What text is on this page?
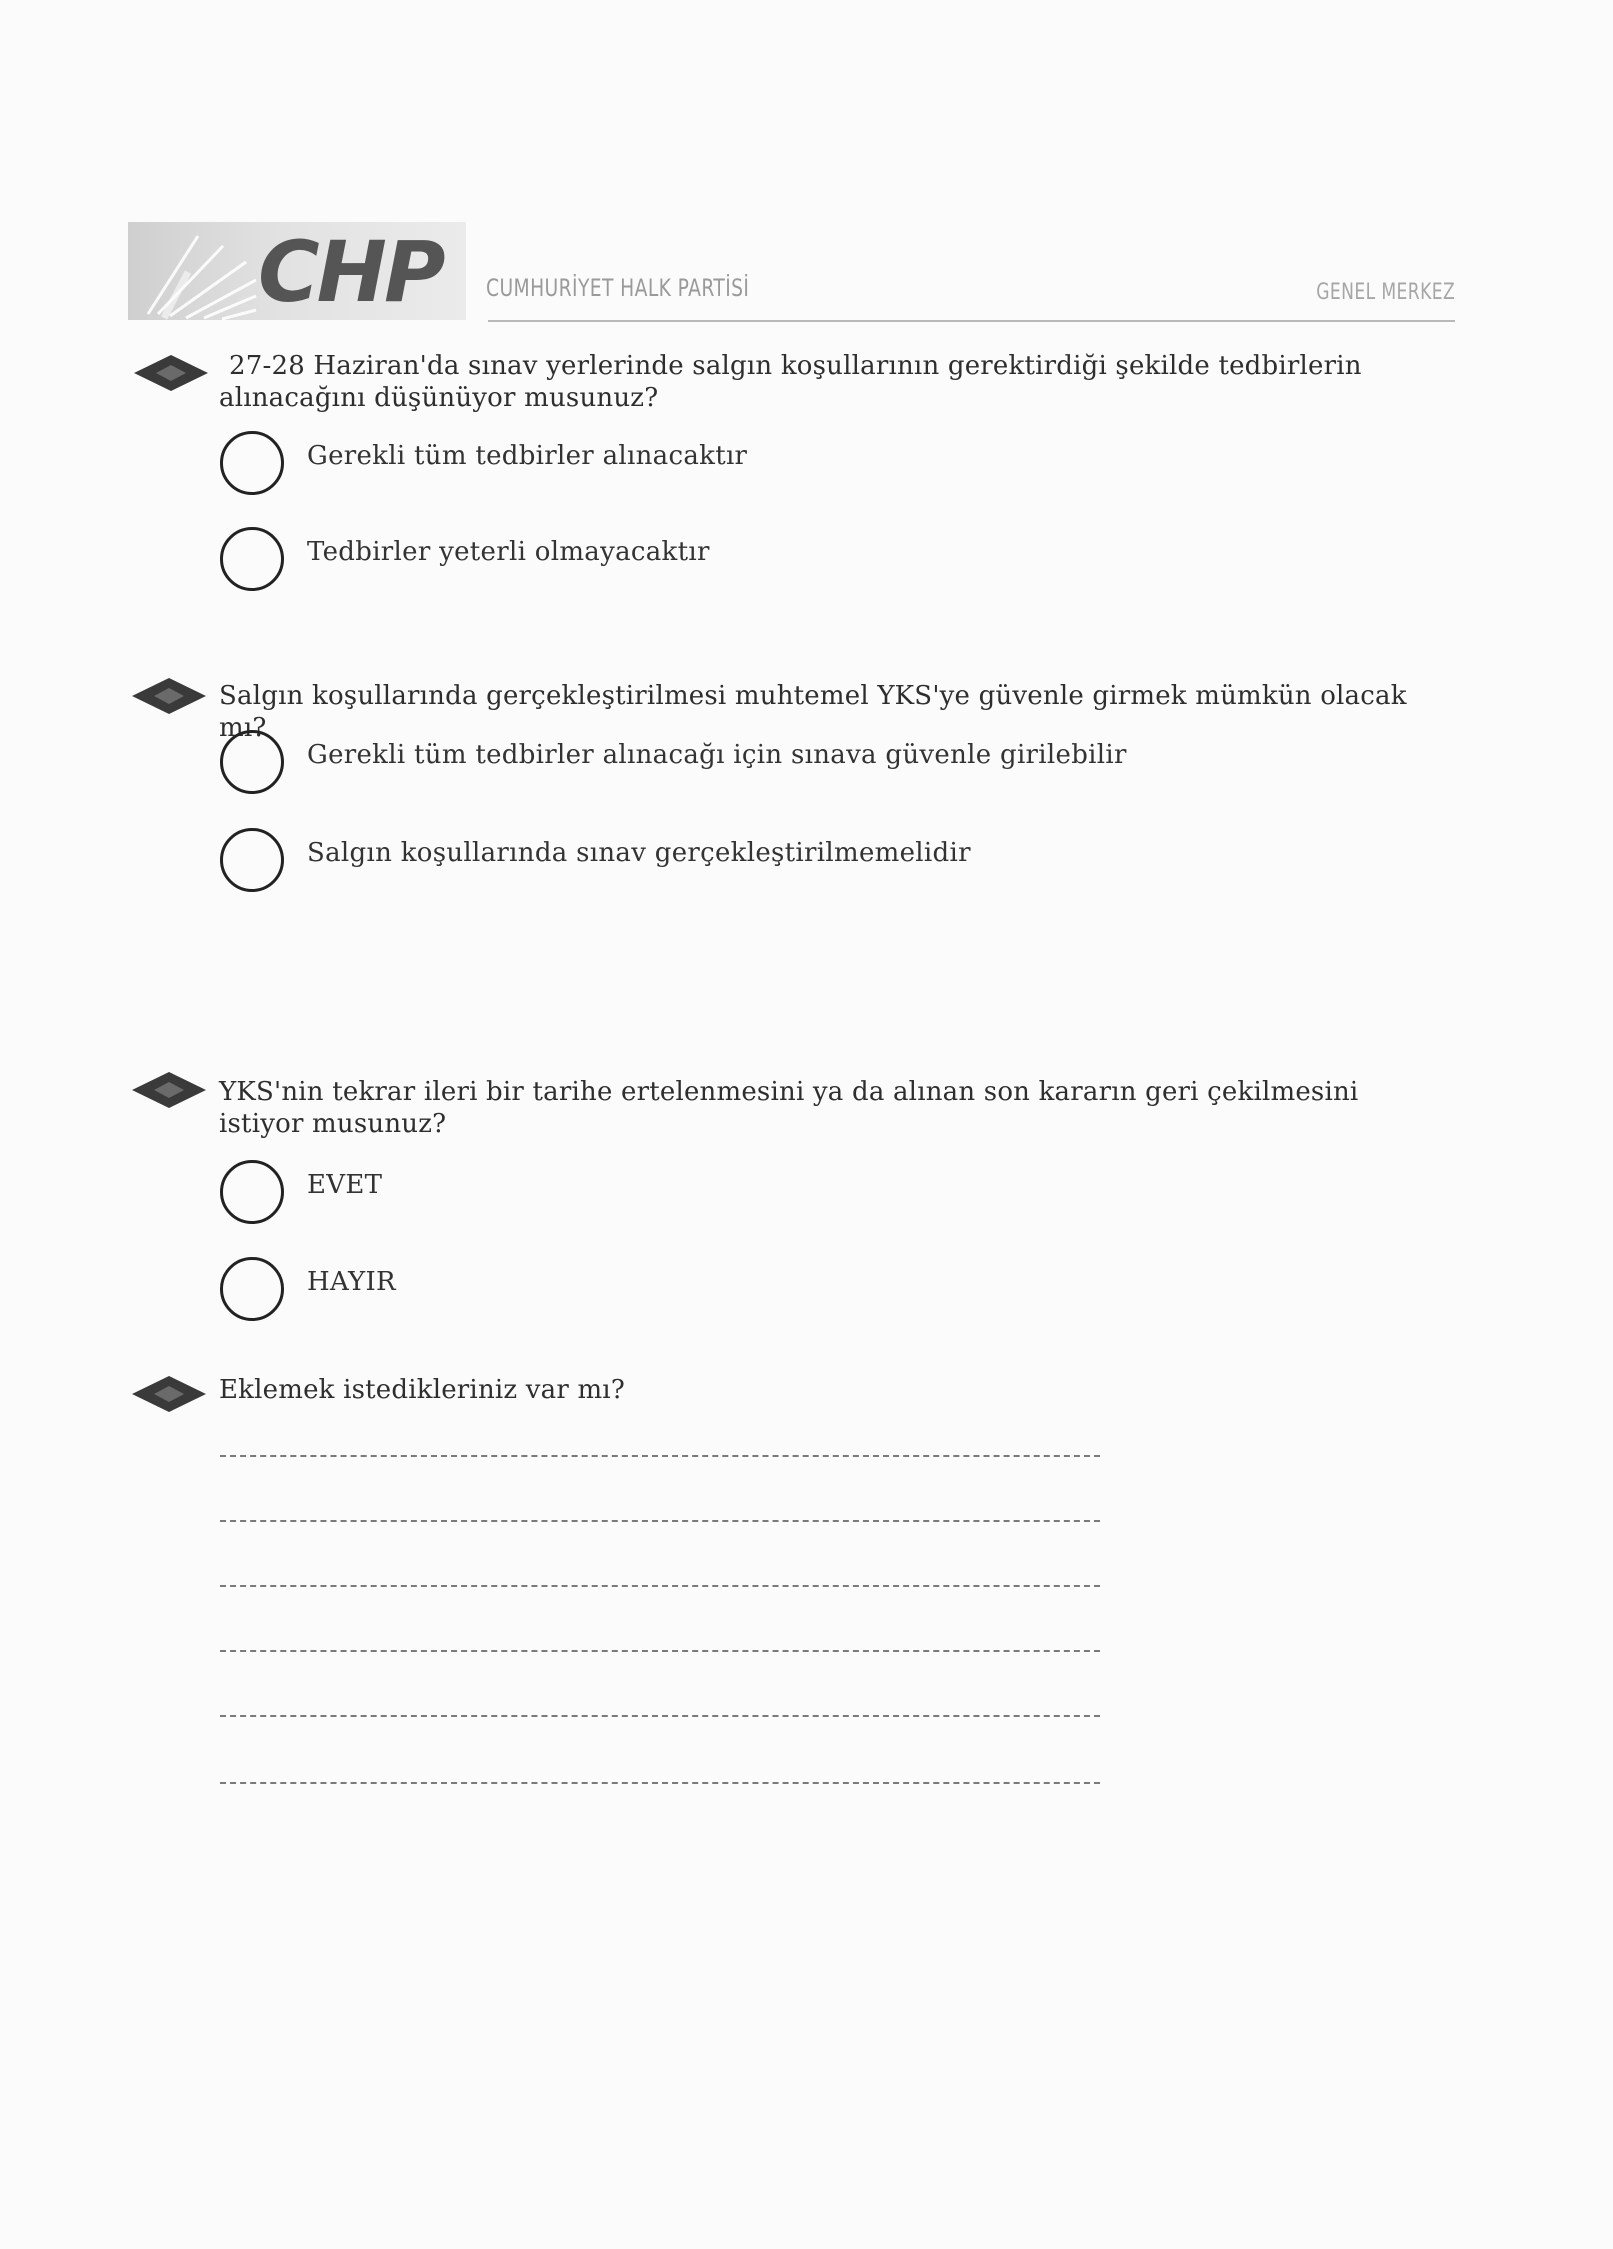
CHP CUMHURİYET HALK PARTİSİ	GENEL MERKEZ
27-28 Haziran'da sınav yerlerinde salgın koşullarının gerektirdiği şekilde tedbirlerin alınacağını düşünüyor musunuz?
Gerekli tüm tedbirler alınacaktır
Tedbirler yeterli olmayacaktır
Salgın koşullarında gerçekleştirilmesi muhtemel YKS'ye güvenle girmek mümkün olacak mı?
Gerekli tüm tedbirler alınacağı için sınava güvenle girilebilir
Salgın koşullarında sınav gerçekleştirilmemelidir
YKS'nin tekrar ileri bir tarihe ertelenmesini ya da alınan son kararın geri çekilmesini istiyor musunuz?
EVET
HAYIR
Eklemek istedikleriniz var mı?
